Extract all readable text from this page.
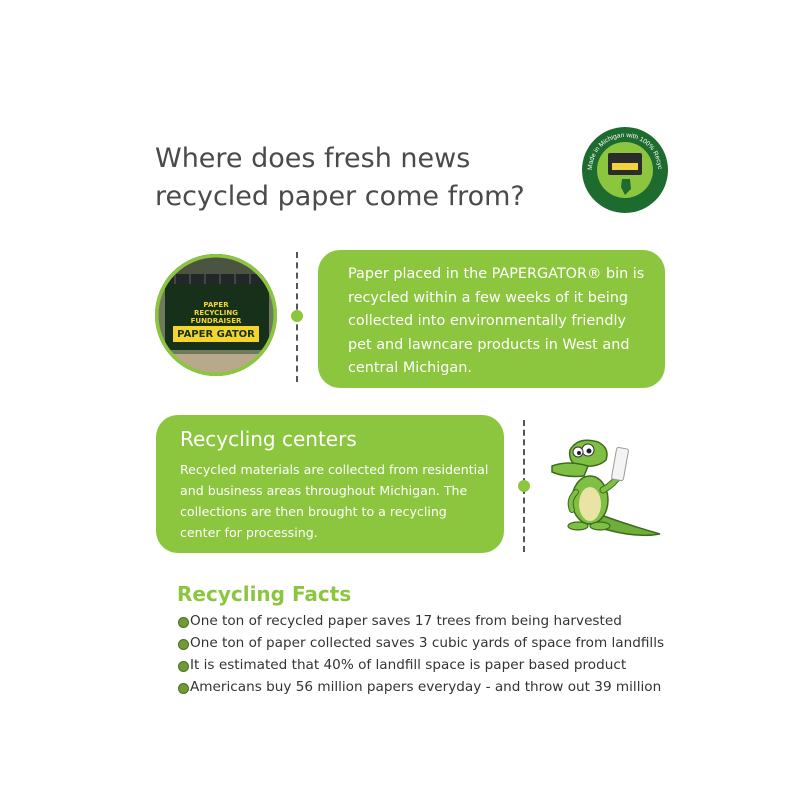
Where does fresh news
recycled paper come from?
Made in Michigan with 100% Recyc
PAPER
RECYCLING
FUNDRAISER
PAPER GATOR
Paper placed in the PAPERGATOR® bin is
recycled within a few weeks of it being
collected into environmentally friendly
pet and lawncare products in West and
central Michigan.
Recycling centers
Recycled materials are collected from residential
and business areas throughout Michigan. The
collections are then brought to a recycling
center for processing.
Recycling Facts
One ton of recycled paper saves 17 trees from being harvested
One ton of paper collected saves 3 cubic yards of space from landfills
It is estimated that 40% of landfill space is paper based product
Americans buy 56 million papers everyday - and throw out 39 million
